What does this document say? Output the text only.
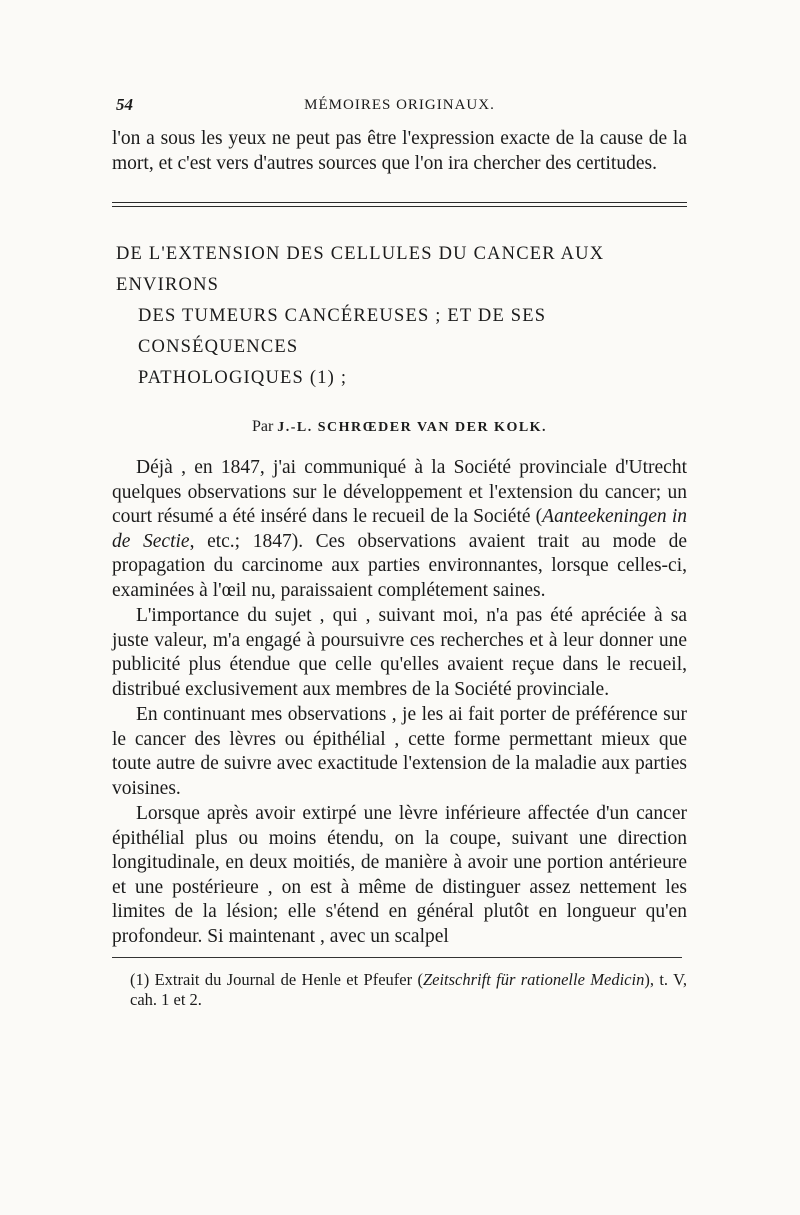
54	MÉMOIRES ORIGINAUX.

l'on a sous les yeux ne peut pas être l'expression exacte de la cause de la mort, et c'est vers d'autres sources que l'on ira chercher des certitudes.

DE L'EXTENSION DES CELLULES DU CANCER AUX ENVIRONS
DES TUMEURS CANCÉREUSES ; ET DE SES CONSÉQUENCES
PATHOLOGIQUES (1) ;
Par J.-L. SCHRŒDER VAN DER KOLK.

Déjà , en 1847, j'ai communiqué à la Société provinciale d'Utrecht quelques observations sur le développement et l'extension du cancer; un court résumé a été inséré dans le recueil de la Société (Aanteekeningen in de Sectie, etc.; 1847). Ces observations avaient trait au mode de propagation du carcinome aux parties environnantes, lorsque celles-ci, examinées à l'œil nu, paraissaient complétement saines.

L'importance du sujet , qui , suivant moi, n'a pas été apréciée à sa juste valeur, m'a engagé à poursuivre ces recherches et à leur donner une publicité plus étendue que celle qu'elles avaient reçue dans le recueil, distribué exclusivement aux membres de la Société provinciale.

En continuant mes observations , je les ai fait porter de préférence sur le cancer des lèvres ou épithélial , cette forme permettant mieux que toute autre de suivre avec exactitude l'extension de la maladie aux parties voisines.

Lorsque après avoir extirpé une lèvre inférieure affectée d'un cancer épithélial plus ou moins étendu, on la coupe, suivant une direction longitudinale, en deux moitiés, de manière à avoir une portion antérieure et une postérieure , on est à même de distinguer assez nettement les limites de la lésion; elle s'étend en général plutôt en longueur qu'en profondeur. Si maintenant , avec un scalpel

(1) Extrait du Journal de Henle et Pfeufer (Zeitschrift für rationelle Medicin), t. V, cah. 1 et 2.
